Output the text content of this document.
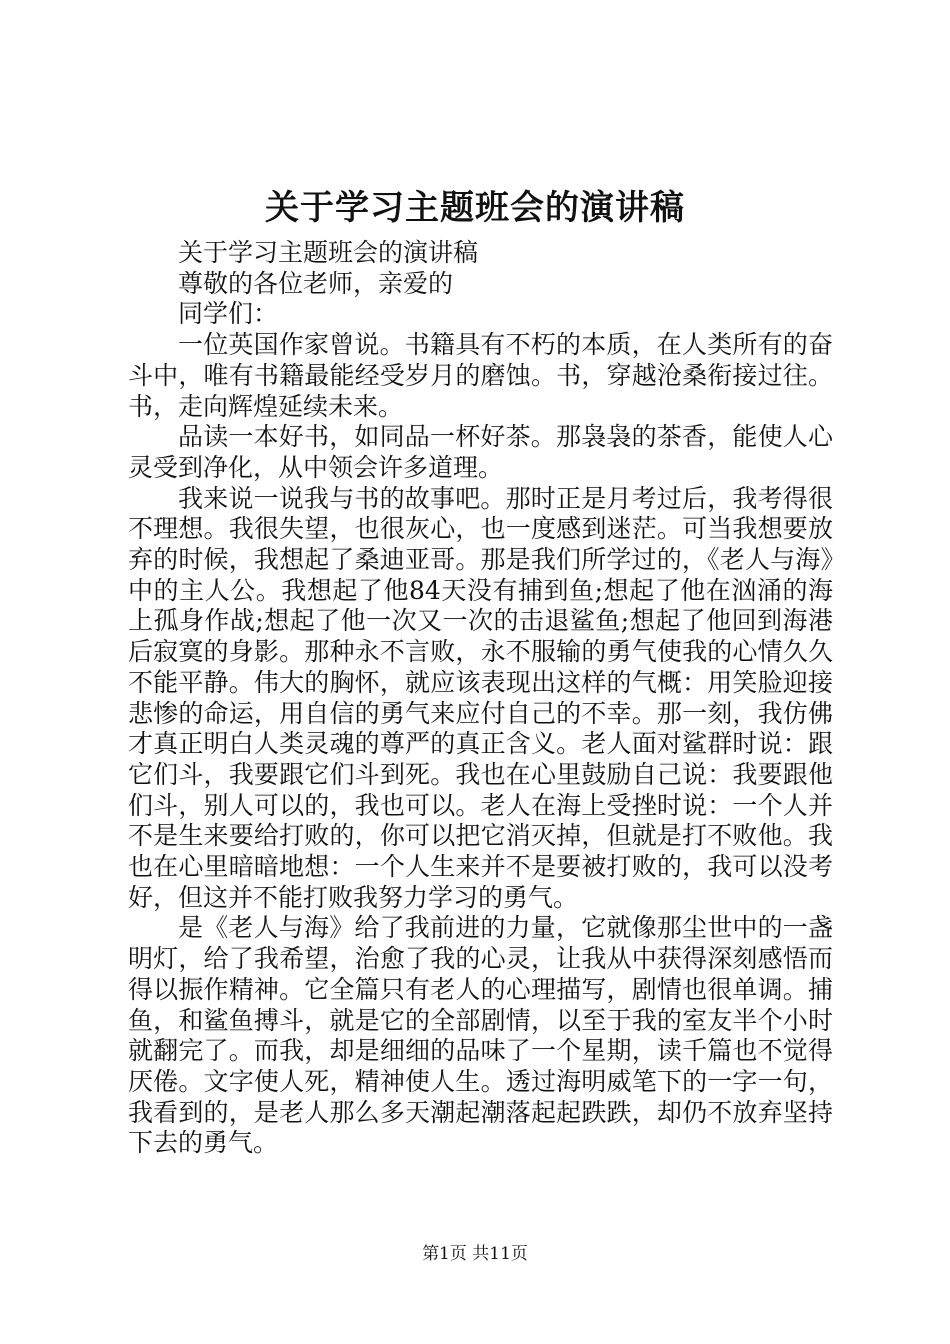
关于学习主题班会的演讲稿

关于学习主题班会的演讲稿

尊敬的各位老师，亲爱的

同学们：

一位英国作家曾说。书籍具有不朽的本质，在人类所有的奋斗中，唯有书籍最能经受岁月的磨蚀。书，穿越沧桑衔接过往。书，走向辉煌延续未来。

品读一本好书，如同品一杯好茶。那袅袅的茶香，能使人心灵受到净化，从中领会许多道理。

我来说一说我与书的故事吧。那时正是月考过后，我考得很不理想。我很失望，也很灰心，也一度感到迷茫。可当我想要放弃的时候，我想起了桑迪亚哥。那是我们所学过的，《老人与海》中的主人公。我想起了他84天没有捕到鱼;想起了他在汹涌的海上孤身作战;想起了他一次又一次的击退鲨鱼;想起了他回到海港后寂寞的身影。那种永不言败，永不服输的勇气使我的心情久久不能平静。伟大的胸怀，就应该表现出这样的气概：用笑脸迎接悲惨的命运，用自信的勇气来应付自己的不幸。那一刻，我仿佛才真正明白人类灵魂的尊严的真正含义。老人面对鲨群时说：跟它们斗，我要跟它们斗到死。我也在心里鼓励自己说：我要跟他们斗，别人可以的，我也可以。老人在海上受挫时说：一个人并不是生来要给打败的，你可以把它消灭掉，但就是打不败他。我也在心里暗暗地想：一个人生来并不是要被打败的，我可以没考好，但这并不能打败我努力学习的勇气。

是《老人与海》给了我前进的力量，它就像那尘世中的一盏明灯，给了我希望，治愈了我的心灵，让我从中获得深刻感悟而得以振作精神。它全篇只有老人的心理描写，剧情也很单调。捕鱼，和鲨鱼搏斗，就是它的全部剧情，以至于我的室友半个小时就翻完了。而我，却是细细的品味了一个星期，读千篇也不觉得厌倦。文字使人死，精神使人生。透过海明威笔下的一字一句，我看到的，是老人那么多天潮起潮落起起跌跌，却仍不放弃坚持下去的勇气。

第1页 共11页
